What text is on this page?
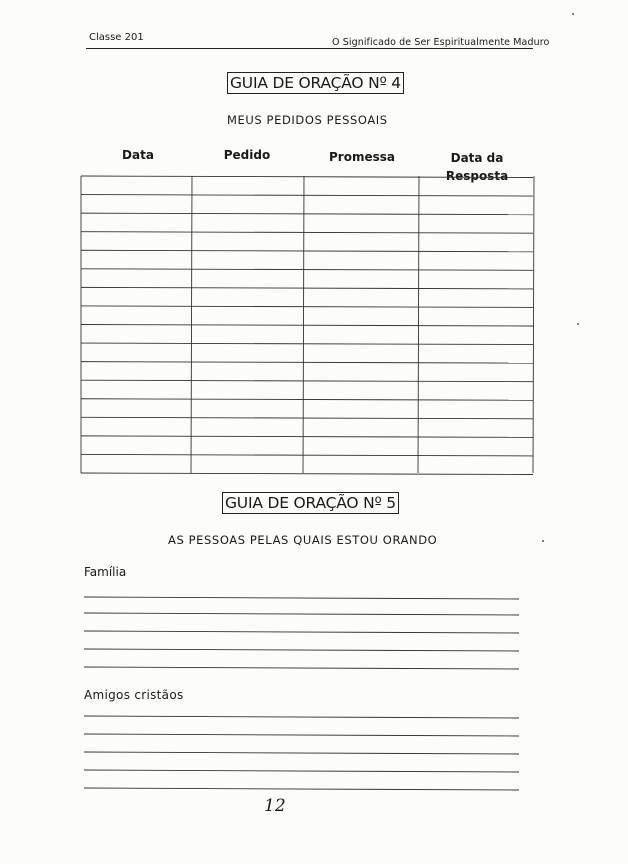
Classe 201	O Significado de Ser Espiritualmente Maduro
GUIA DE ORAÇÃO Nº 4
MEUS PEDIDOS PESSOAIS
Data	Pedido	Promessa	Data da
Resposta
GUIA DE ORAÇÃO Nº 5
AS PESSOAS PELAS QUAIS ESTOU ORANDO
Família
Amigos cristãos
12
